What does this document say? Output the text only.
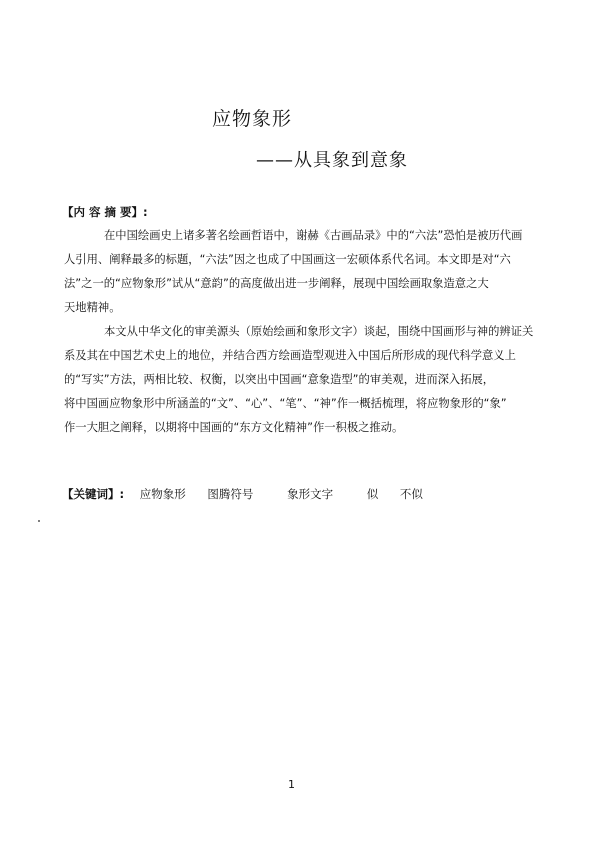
应物象形
——从具象到意象
【内 容 摘 要】:
在中国绘画史上诸多著名绘画哲语中，谢赫《古画品录》中的“六法”恐怕是被历代画
人引用、阐释最多的标题，“六法”因之也成了中国画这一宏硕体系代名词。本文即是对“六
法”之一的“应物象形”试从“意韵”的高度做出进一步阐释，展现中国绘画取象造意之大
天地精神。
本文从中华文化的审美源头（原始绘画和象形文字）谈起，围绕中国画形与神的辨证关
系及其在中国艺术史上的地位，并结合西方绘画造型观进入中国后所形成的现代科学意义上
的“写实”方法，两相比较、权衡，以突出中国画“意象造型”的审美观，进而深入拓展，
将中国画应物象形中所涵盖的“文”、“心”、“笔”、“神”作一概括梳理，将应物象形的“象”
作一大胆之阐释，以期将中国画的“东方文化精神”作一积极之推动。
【关键词】: 应物象形 图腾符号	象形文字	似 不似
1
